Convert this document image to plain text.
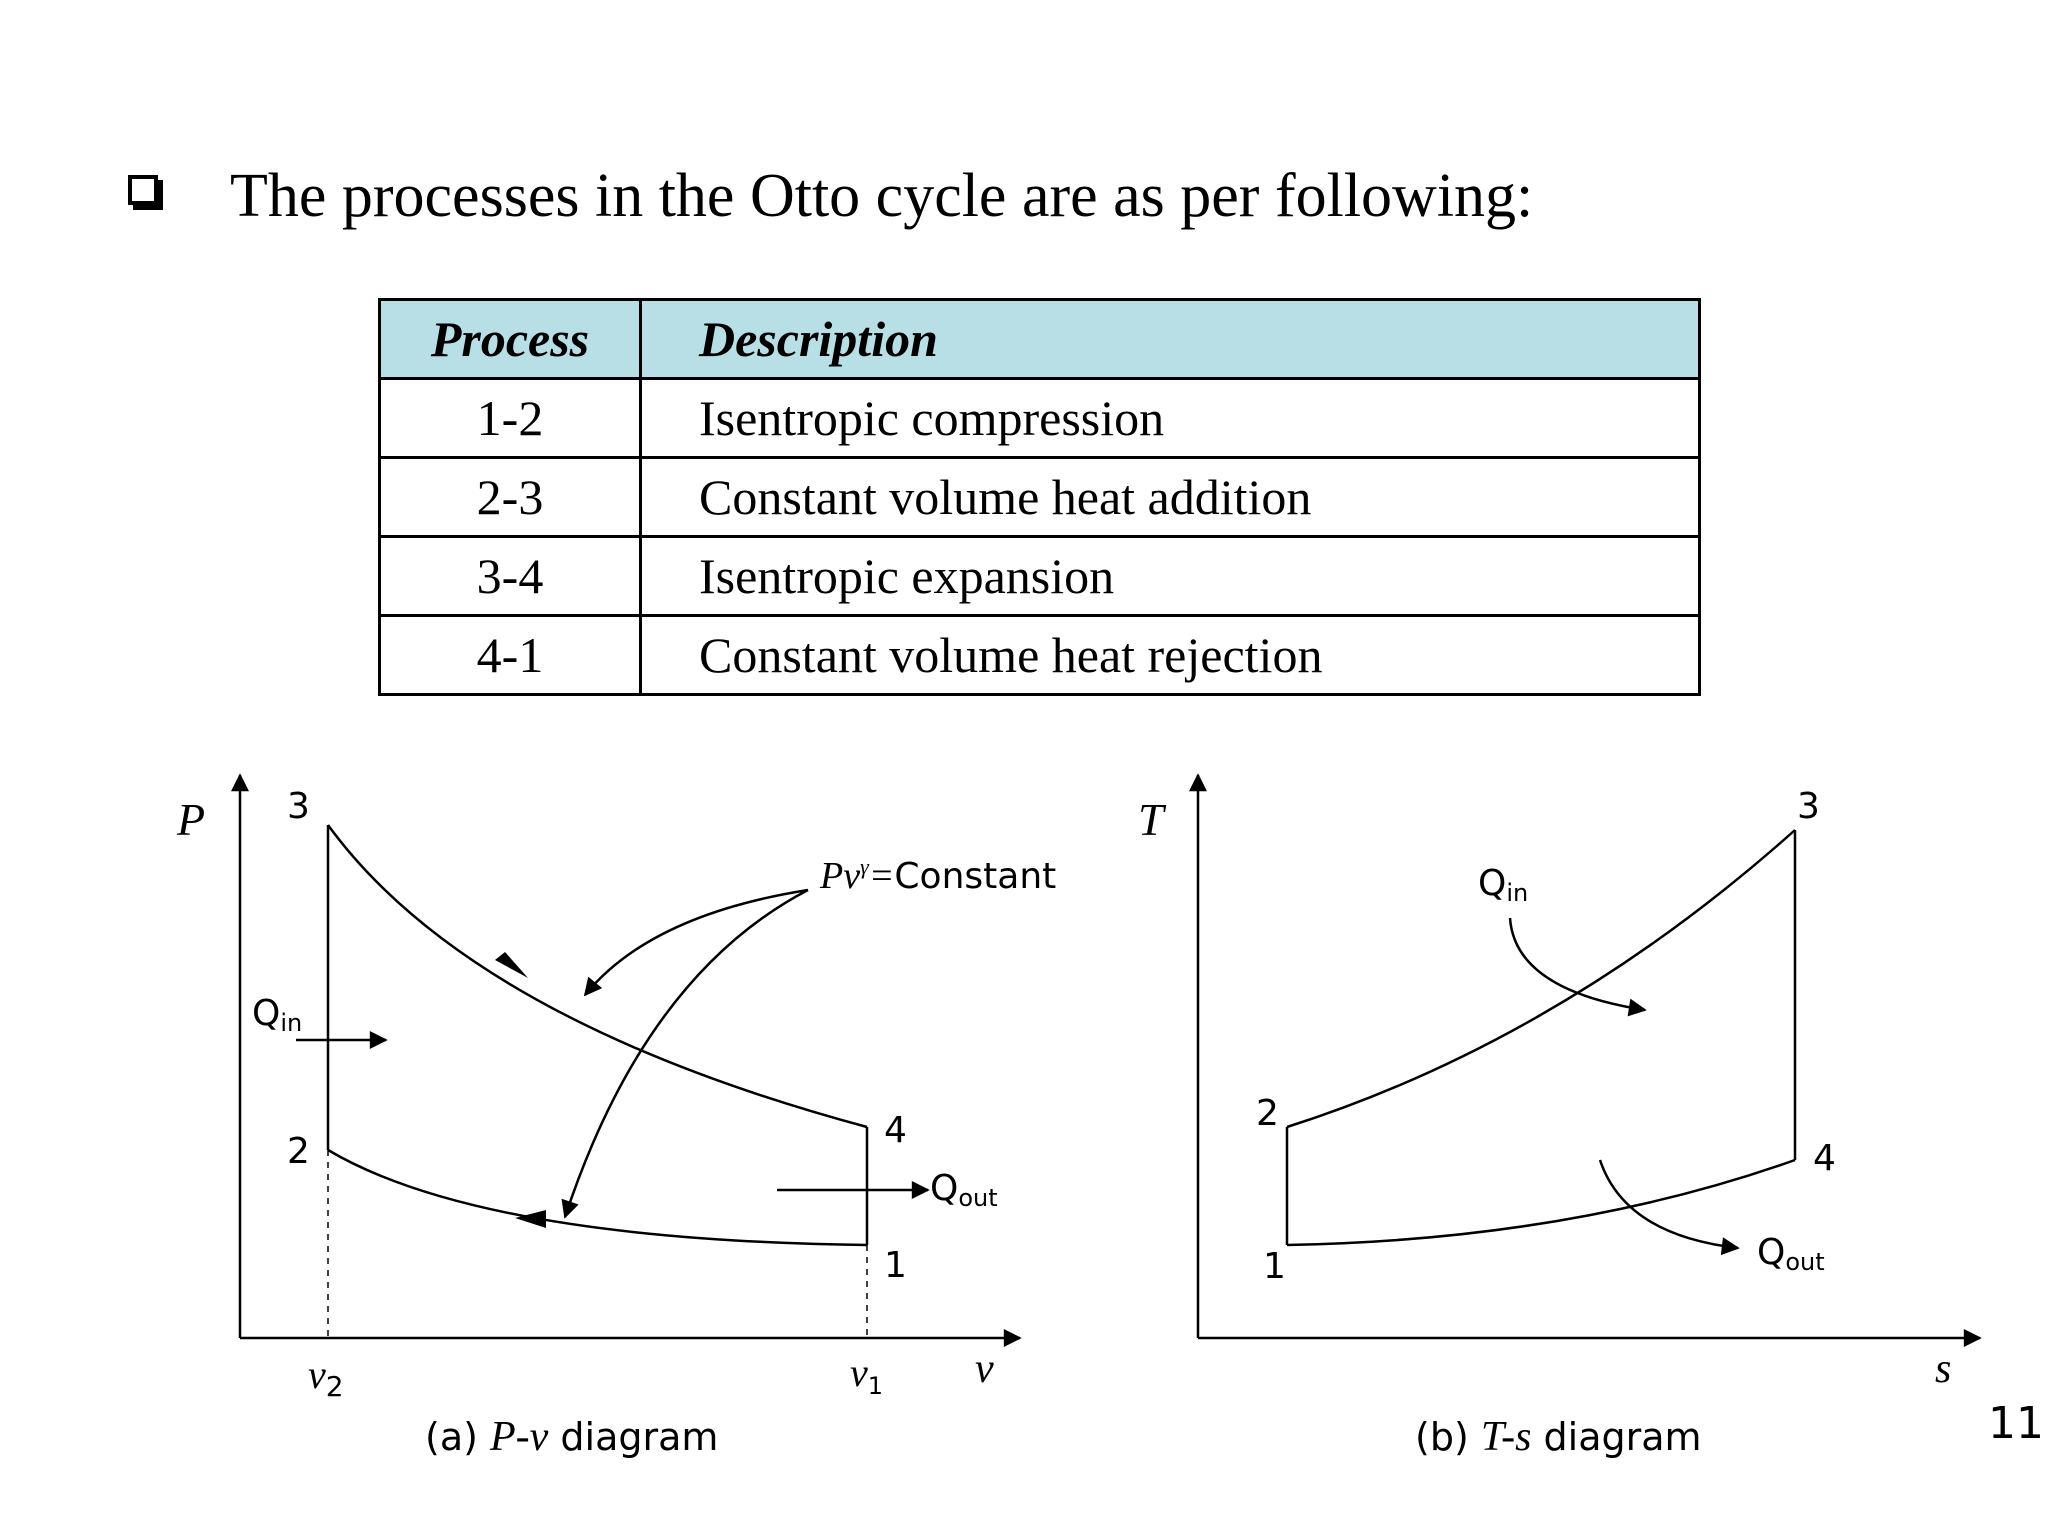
The processes in the Otto cycle are as per following:
Process	Description
1-2	Isentropic compression
2-3	Constant volume heat addition
3-4	Isentropic expansion
4-1	Constant volume heat rejection
P
v
3
2
4
1
v2	v1
Qin
Qout
Pvγ=Constant
(a) P-v diagram
T
s
3
2
4
1
Qin
Qout
(b) T-s diagram	11
